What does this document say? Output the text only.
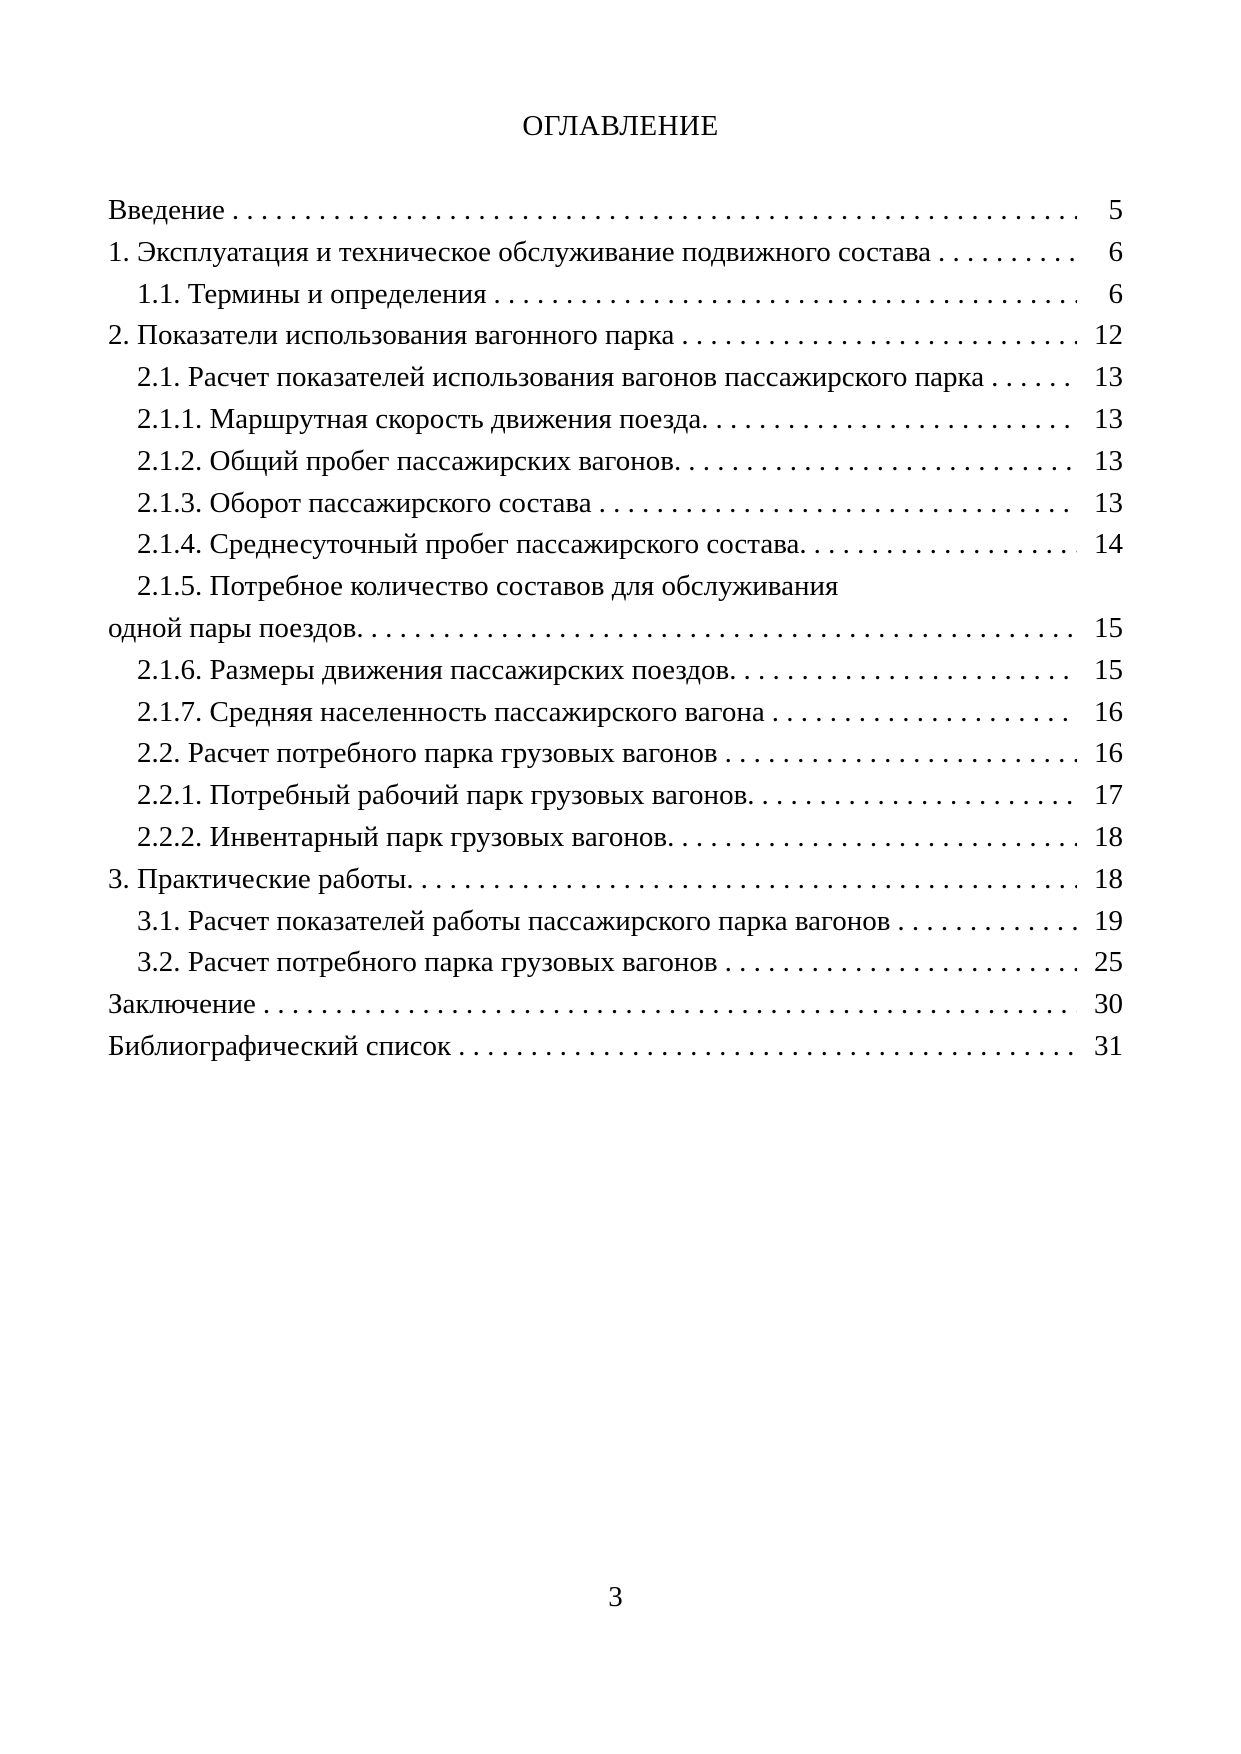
ОГЛАВЛЕНИЕ
Введение . . .	5
1. Эксплуатация и техническое обслуживание подвижного состава . . .	6
1.1. Термины и определения . . .	6
2. Показатели использования вагонного парка . . .	12
2.1. Расчет показателей использования вагонов пассажирского парка . . .	13
2.1.1. Маршрутная скорость движения поезда. . . .	13
2.1.2. Общий пробег пассажирских вагонов. . . .	13
2.1.3. Оборот пассажирского состава . . .	13
2.1.4. Среднесуточный пробег пассажирского состава. . . .	14
2.1.5. Потребное количество составов для обслуживания
одной пары поездов. . . .	15
2.1.6. Размеры движения пассажирских поездов. . . .	15
2.1.7. Средняя населенность пассажирского вагона . . .	16
2.2. Расчет потребного парка грузовых вагонов . . .	16
2.2.1. Потребный рабочий парк грузовых вагонов. . . .	17
2.2.2. Инвентарный парк грузовых вагонов. . . .	18
3. Практические работы. . . .	18
3.1. Расчет показателей работы пассажирского парка вагонов . . .	19
3.2. Расчет потребного парка грузовых вагонов . . .	25
Заключение . . .	30
Библиографический список . . .	31
3
